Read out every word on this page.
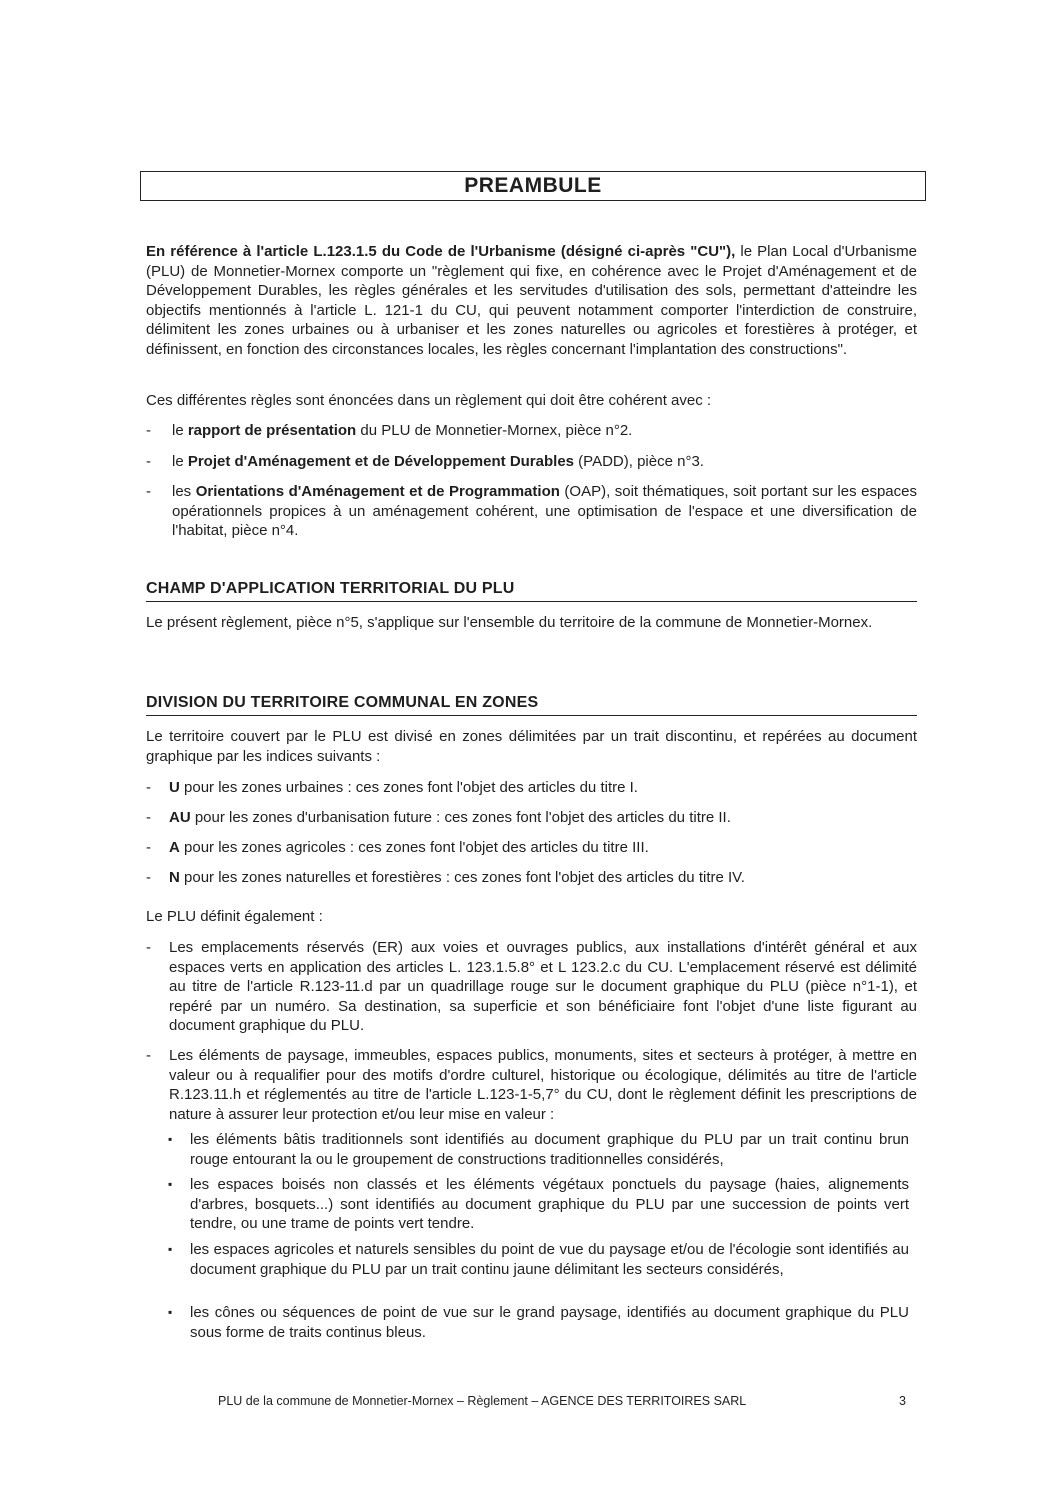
PREAMBULE
En référence à l'article L.123.1.5 du Code de l'Urbanisme (désigné ci-après "CU"), le Plan Local d'Urbanisme (PLU) de Monnetier-Mornex comporte un "règlement qui fixe, en cohérence avec le Projet d'Aménagement et de Développement Durables, les règles générales et les servitudes d'utilisation des sols, permettant d'atteindre les objectifs mentionnés à l'article L. 121-1 du CU, qui peuvent notamment comporter l'interdiction de construire, délimitent les zones urbaines ou à urbaniser et les zones naturelles ou agricoles et forestières à protéger, et définissent, en fonction des circonstances locales, les règles concernant l'implantation des constructions".
Ces différentes règles sont énoncées dans un règlement qui doit être cohérent avec :
- le rapport de présentation du PLU de Monnetier-Mornex, pièce n°2.
- le Projet d'Aménagement et de Développement Durables (PADD), pièce n°3.
- les Orientations d'Aménagement et de Programmation (OAP), soit thématiques, soit portant sur les espaces opérationnels propices à un aménagement cohérent, une optimisation de l'espace et une diversification de l'habitat, pièce n°4.
CHAMP D'APPLICATION TERRITORIAL DU PLU
Le présent règlement, pièce n°5, s'applique sur l'ensemble du territoire de la commune de Monnetier-Mornex.
DIVISION DU TERRITOIRE COMMUNAL EN ZONES
Le territoire couvert par le PLU est divisé en zones délimitées par un trait discontinu, et repérées au document graphique par les indices suivants :
- U pour les zones urbaines : ces zones font l'objet des articles du titre I.
- AU pour les zones d'urbanisation future : ces zones font l'objet des articles du titre II.
- A pour les zones agricoles : ces zones font l'objet des articles du titre III.
- N pour les zones naturelles et forestières : ces zones font l'objet des articles du titre IV.
Le PLU définit également :
- Les emplacements réservés (ER) aux voies et ouvrages publics, aux installations d'intérêt général et aux espaces verts en application des articles L. 123.1.5.8° et L 123.2.c du CU. L'emplacement réservé est délimité au titre de l'article R.123-11.d par un quadrillage rouge sur le document graphique du PLU (pièce n°1-1), et repéré par un numéro. Sa destination, sa superficie et son bénéficiaire font l'objet d'une liste figurant au document graphique du PLU.
- Les éléments de paysage, immeubles, espaces publics, monuments, sites et secteurs à protéger, à mettre en valeur ou à requalifier pour des motifs d'ordre culturel, historique ou écologique, délimités au titre de l'article R.123.11.h et réglementés au titre de l'article L.123-1-5,7° du CU, dont le règlement définit les prescriptions de nature à assurer leur protection et/ou leur mise en valeur :
▪ les éléments bâtis traditionnels sont identifiés au document graphique du PLU par un trait continu brun rouge entourant la ou le groupement de constructions traditionnelles considérés,
▪ les espaces boisés non classés et les éléments végétaux ponctuels du paysage (haies, alignements d'arbres, bosquets...) sont identifiés au document graphique du PLU par une succession de points vert tendre, ou une trame de points vert tendre.
▪ les espaces agricoles et naturels sensibles du point de vue du paysage et/ou de l'écologie sont identifiés au document graphique du PLU par un trait continu jaune délimitant les secteurs considérés,
▪ les cônes ou séquences de point de vue sur le grand paysage, identifiés au document graphique du PLU sous forme de traits continus bleus.
PLU de la commune de Monnetier-Mornex – Règlement – AGENCE DES TERRITOIRES SARL	3
